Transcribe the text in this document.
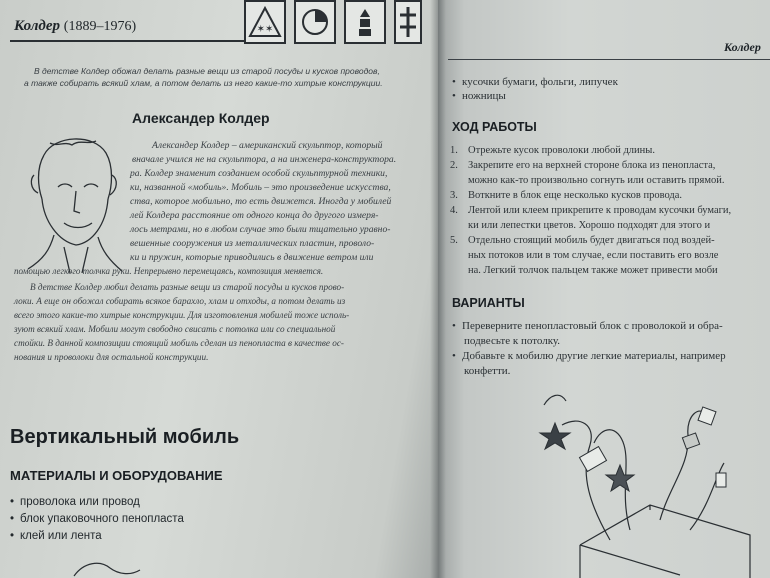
Колдер (1889–1976)	✶✶
В детстве Колдер обожал делать разные вещи из старой посуды и кусков проводов,
а также собирать всякий хлам, а потом делать из него какие-то хитрые конструкции.
Александер Колдер
Александер Колдер – американский скульптор, который
вначале учился не на скульптора, а на инженера-конструктора.
ра. Колдер знаменит созданием особой скульптурной техники,
ки, названной «мобиль». Мобиль – это произведение искусства,
ства, которое мобильно, то есть движется. Иногда у мобилей
лей Колдера расстояние от одного конца до другого измеря-
лось метрами, но в любом случае это были тщательно уравно-
вешенные сооружения из металлических пластин, проволо-
ки и пружин, которые приводились в движение ветром или
помощью легкого толчка руки. Непрерывно перемещаясь, композиция меняется.
В детстве Колдер любил делать разные вещи из старой посуды и кусков прово-
локи. А еще он обожал собирать всякое барахло, хлам и отходы, а потом делать из
всего этого какие-то хитрые конструкции. Для изготовления мобилей тоже исполь-
зуют всякий хлам. Мобили могут свободно свисать с потолка или со специальной
стойки. В данной композиции стоящий мобиль сделан из пенопласта в качестве ос-
нования и проволоки для остальной конструкции.
Вертикальный мобиль
МАТЕРИАЛЫ И ОБОРУДОВАНИЕ
• проволока или провод
• блок упаковочного пенопласта
• клей или лента
Колдер
• кусочки бумаги, фольги, липучек
• ножницы
ХОД РАБОТЫ
1. Отрежьте кусок проволоки любой длины.
2. Закрепите его на верхней стороне блока из пенопласта,
можно как-то произвольно согнуть или оставить прямой.
3. Воткните в блок еще несколько кусков провода.
4. Лентой или клеем прикрепите к проводам кусочки бумаги,
ки или лепестки цветов. Хорошо подходят для этого и
5. Отдельно стоящий мобиль будет двигаться под воздей-
ных потоков или в том случае, если поставить его возле
на. Легкий толчок пальцем также может привести моби
ВАРИАНТЫ
• Переверните пенопластовый блок с проволокой и обра-
подвесьте к потолку.
• Добавьте к мобилю другие легкие материалы, например
конфетти.
